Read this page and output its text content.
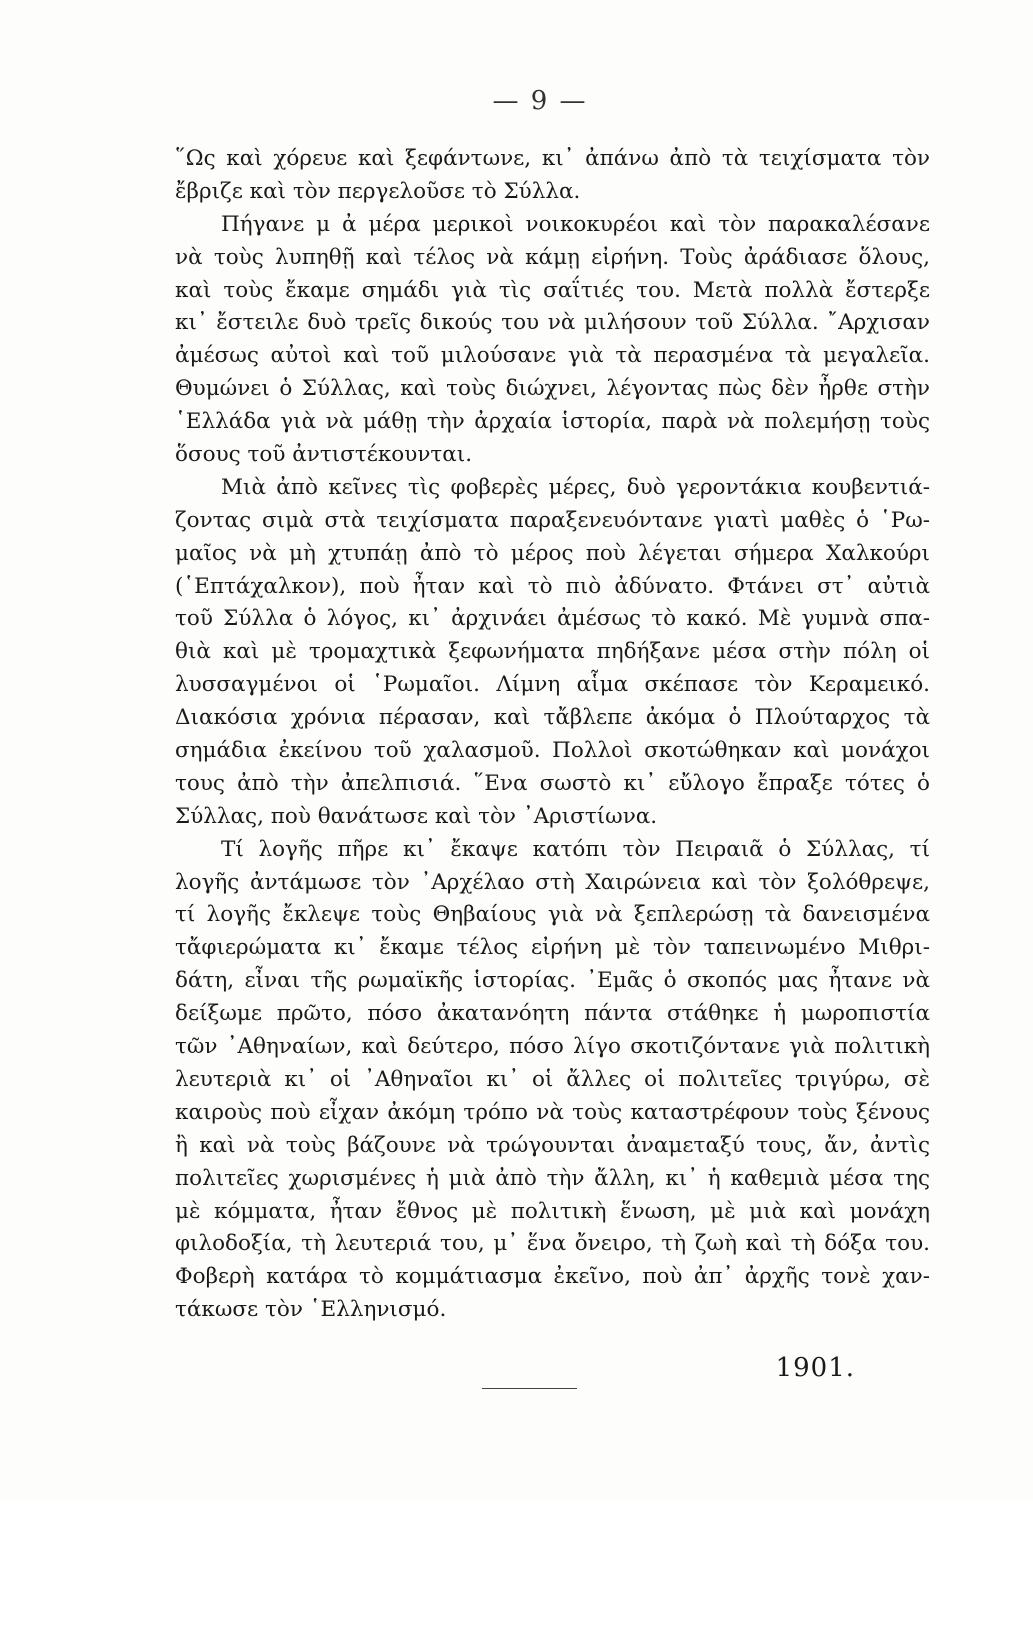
— 9 —
῞Ως καὶ χόρευε καὶ ξεφάντωνε, κι᾿ ἀπάνω ἀπὸ τὰ τειχίσματα τὸν
ἔβριζε καὶ τὸν περγελοῦσε τὸ Σύλλα.
Πήγανε μ ἀ μέρα μερικοὶ νοικοκυρέοι καὶ τὸν παρακαλέσανε
νὰ τοὺς λυπηθῇ καὶ τέλος νὰ κάμῃ εἰρήνη. Τοὺς ἀράδιασε ὅλους,
καὶ τοὺς ἔκαμε σημάδι γιὰ τὶς σαΐτιές του. Μετὰ πολλὰ ἔστερξε
κι᾿ ἔστειλε δυὸ τρεῖς δικούς του νὰ μιλήσουν τοῦ Σύλλα. ῎Αρχισαν
ἀμέσως αὐτοὶ καὶ τοῦ μιλούσανε γιὰ τὰ περασμένα τὰ μεγαλεῖα.
Θυμώνει ὁ Σύλλας, καὶ τοὺς διώχνει, λέγοντας πὼς δὲν ἦρθε στὴν
῾Ελλάδα γιὰ νὰ μάθῃ τὴν ἀρχαία ἱστορία, παρὰ νὰ πολεμήσῃ τοὺς
ὅσους τοῦ ἀντιστέκουνται.
Μιὰ ἀπὸ κεῖνες τὶς φοβερὲς μέρες, δυὸ γεροντάκια κουβεντιά-
ζοντας σιμὰ στὰ τειχίσματα παραξενευόντανε γιατὶ μαθὲς ὁ ῾Ρω-
μαῖος νὰ μὴ χτυπάῃ ἀπὸ τὸ μέρος ποὺ λέγεται σήμερα Χαλκούρι
(῾Επτάχαλκον), ποὺ ἦταν καὶ τὸ πιὸ ἀδύνατο. Φτάνει στ᾿ αὐτιὰ
τοῦ Σύλλα ὁ λόγος, κι᾿ ἀρχινάει ἀμέσως τὸ κακό. Μὲ γυμνὰ σπα-
θιὰ καὶ μὲ τρομαχτικὰ ξεφωνήματα πηδήξανε μέσα στὴν πόλη οἱ
λυσσαγμένοι οἱ ῾Ρωμαῖοι. Λίμνη αἷμα σκέπασε τὸν Κεραμεικό.
Διακόσια χρόνια πέρασαν, καὶ τἄβλεπε ἀκόμα ὁ Πλούταρχος τὰ
σημάδια ἐκείνου τοῦ χαλασμοῦ. Πολλοὶ σκοτώθηκαν καὶ μονάχοι
τους ἀπὸ τὴν ἀπελπισιά. ῞Ενα σωστὸ κι᾿ εὔλογο ἔπραξε τότες ὁ
Σύλλας, ποὺ θανάτωσε καὶ τὸν ᾿Αριστίωνα.
Τί λογῆς πῆρε κι᾿ ἔκαψε κατόπι τὸν Πειραιᾶ ὁ Σύλλας, τί
λογῆς ἀντάμωσε τὸν ᾿Αρχέλαο στὴ Χαιρώνεια καὶ τὸν ξολόθρεψε,
τί λογῆς ἔκλεψε τοὺς Θηβαίους γιὰ νὰ ξεπλερώσῃ τὰ δανεισμένα
τἄφιερώματα κι᾿ ἔκαμε τέλος εἰρήνη μὲ τὸν ταπεινωμένο Μιθρι-
δάτη, εἶναι τῆς ρωμαϊκῆς ἱστορίας. ᾿Εμᾶς ὁ σκοπός μας ἦτανε νὰ
δείξωμε πρῶτο, πόσο ἀκατανόητη πάντα στάθηκε ἡ μωροπιστία
τῶν ᾿Αθηναίων, καὶ δεύτερο, πόσο λίγο σκοτιζόντανε γιὰ πολιτικὴ
λευτεριὰ κι᾿ οἱ ᾿Αθηναῖοι κι᾿ οἱ ἄλλες οἱ πολιτεῖες τριγύρω, σὲ
καιροὺς ποὺ εἶχαν ἀκόμη τρόπο νὰ τοὺς καταστρέφουν τοὺς ξένους
ἢ καὶ νὰ τοὺς βάζουνε νὰ τρώγουνται ἀναμεταξύ τους, ἄν, ἀντὶς
πολιτεῖες χωρισμένες ἡ μιὰ ἀπὸ τὴν ἄλλη, κι᾿ ἡ καθεμιὰ μέσα της
μὲ κόμματα, ἦταν ἔθνος μὲ πολιτικὴ ἕνωση, μὲ μιὰ καὶ μονάχη
φιλοδοξία, τὴ λευτεριά του, μ᾿ ἕνα ὄνειρο, τὴ ζωὴ καὶ τὴ δόξα του.
Φοβερὴ κατάρα τὸ κομμάτιασμα ἐκεῖνο, ποὺ ἀπ᾿ ἀρχῆς τονὲ χαν-
τάκωσε τὸν ῾Ελληνισμό.
1901.
